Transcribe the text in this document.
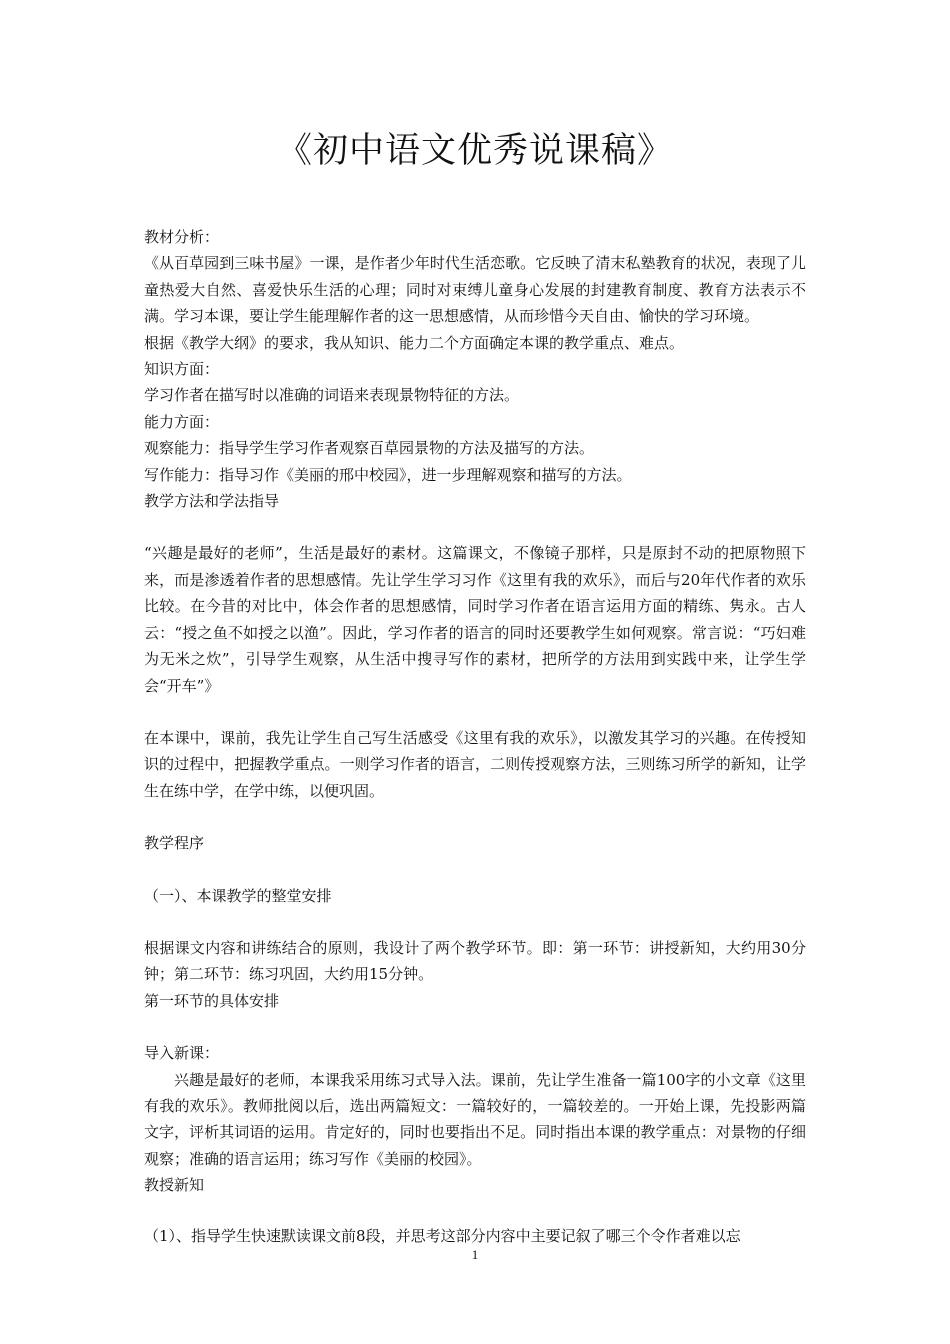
《初中语文优秀说课稿》

教材分析：

《从百草园到三味书屋》一课，是作者少年时代生活恋歌。它反映了清末私塾教育的状况，表现了儿童热爱大自然、喜爱快乐生活的心理；同时对束缚儿童身心发展的封建教育制度、教育方法表示不满。学习本课，要让学生能理解作者的这一思想感情，从而珍惜今天自由、愉快的学习环境。

根据《教学大纲》的要求，我从知识、能力二个方面确定本课的教学重点、难点。

知识方面：

学习作者在描写时以准确的词语来表现景物特征的方法。

能力方面：

观察能力：指导学生学习作者观察百草园景物的方法及描写的方法。

写作能力：指导习作《美丽的邢中校园》，进一步理解观察和描写的方法。

教学方法和学法指导

“兴趣是最好的老师”，生活是最好的素材。这篇课文，不像镜子那样，只是原封不动的把原物照下来，而是渗透着作者的思想感情。先让学生学习习作《这里有我的欢乐》，而后与20年代作者的欢乐比较。在今昔的对比中，体会作者的思想感情，同时学习作者在语言运用方面的精练、隽永。古人云：“授之鱼不如授之以渔”。因此，学习作者的语言的同时还要教学生如何观察。常言说：“巧妇难为无米之炊”，引导学生观察，从生活中搜寻写作的素材，把所学的方法用到实践中来，让学生学会“开车”》

在本课中，课前，我先让学生自己写生活感受《这里有我的欢乐》，以激发其学习的兴趣。在传授知识的过程中，把握教学重点。一则学习作者的语言，二则传授观察方法，三则练习所学的新知，让学生在练中学，在学中练，以便巩固。

教学程序

（一）、本课教学的整堂安排

根据课文内容和讲练结合的原则，我设计了两个教学环节。即：第一环节：讲授新知，大约用30分钟；第二环节：练习巩固，大约用15分钟。

第一环节的具体安排

导入新课：

兴趣是最好的老师，本课我采用练习式导入法。课前，先让学生准备一篇100字的小文章《这里有我的欢乐》。教师批阅以后，选出两篇短文：一篇较好的，一篇较差的。一开始上课，先投影两篇文字，评析其词语的运用。肯定好的，同时也要指出不足。同时指出本课的教学重点：对景物的仔细观察；准确的语言运用；练习写作《美丽的校园》。

教授新知

（1）、指导学生快速默读课文前8段，并思考这部分内容中主要记叙了哪三个令作者难以忘

1
